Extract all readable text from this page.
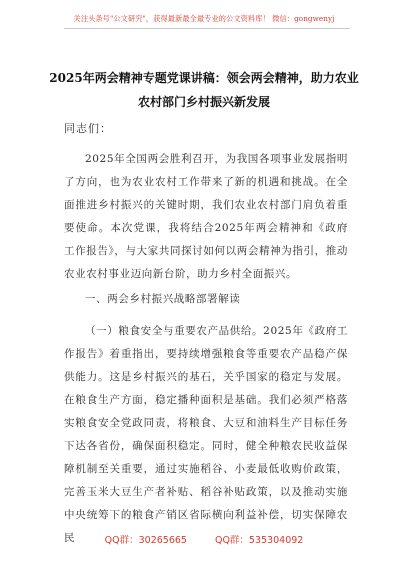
关注头条号"公文研究"，获得最新最全最专业的公文资料库！ 微信：gongwenyj
2025年两会精神专题党课讲稿：领会两会精神，助力农业
农村部门乡村振兴新发展
同志们：
2025年全国两会胜利召开，为我国各项事业发展指明了方向，也为农业农村工作带来了新的机遇和挑战。在全面推进乡村振兴的关键时期，我们农业农村部门肩负着重要使命。本次党课，我将结合2025年两会精神和《政府工作报告》，与大家共同探讨如何以两会精神为指引，推动农业农村事业迈向新台阶，助力乡村全面振兴。
一、两会乡村振兴战略部署解读
（一）粮食安全与重要农产品供给。2025年《政府工作报告》着重指出，要持续增强粮食等重要农产品稳产保供能力。这是乡村振兴的基石，关乎国家的稳定与发展。在粮食生产方面，稳定播种面积是基础。我们必须严格落实粮食安全党政同责，将粮食、大豆和油料生产目标任务下达各省份，确保面积稳定。同时，健全种粮农民收益保障机制至关重要，通过实施稻谷、小麦最低收购价政策，完善玉米大豆生产者补贴、稻谷补贴政策，以及推动实施中央统筹下的粮食产销区省际横向利益补偿，切实保障农民	QQ群：30265665	QQ群：535304092
